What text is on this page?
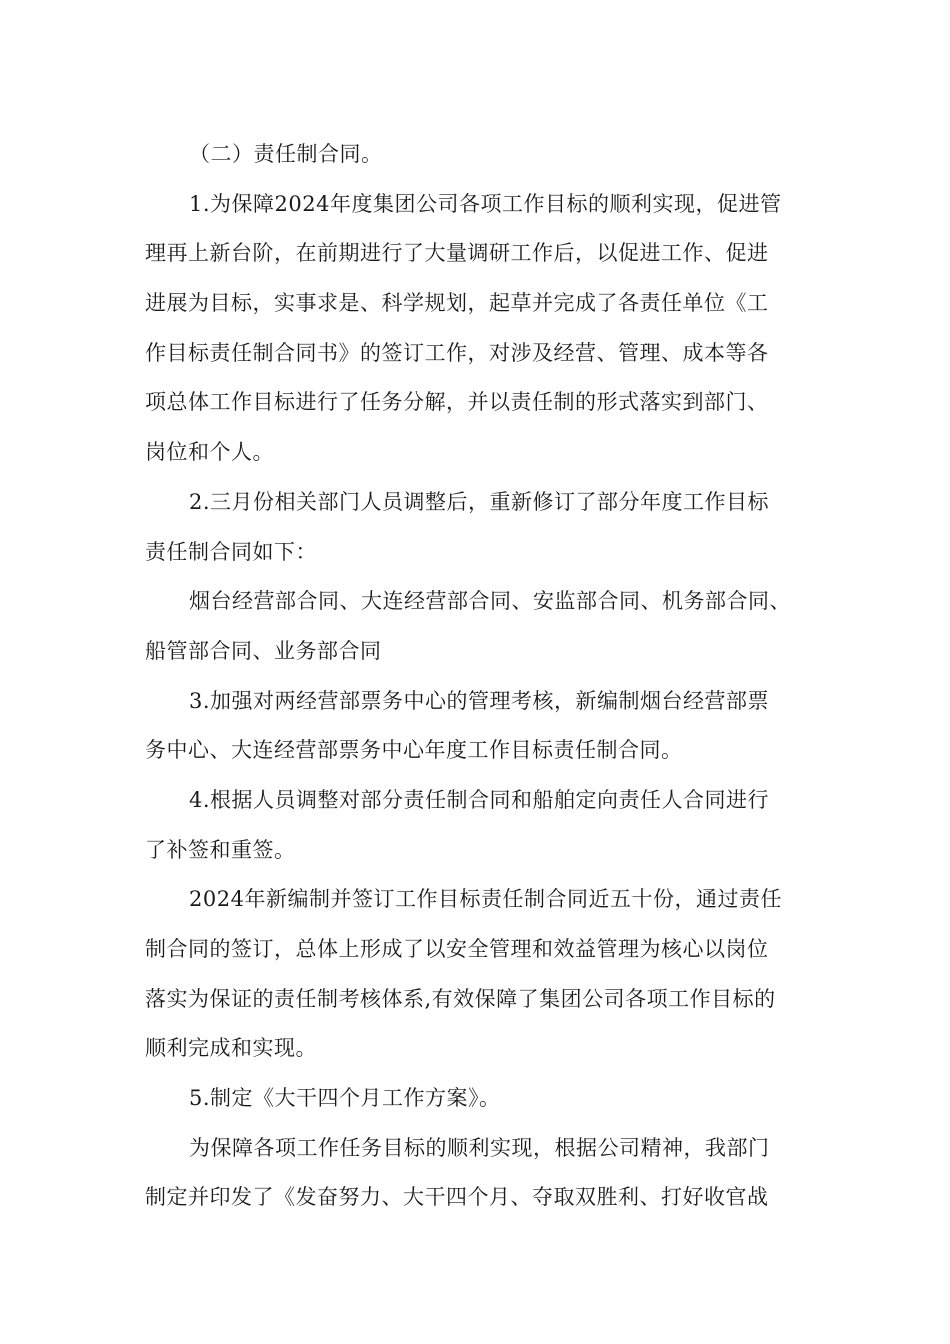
（二）责任制合同。
1.为保障2024年度集团公司各项工作目标的顺利实现，促进管
理再上新台阶，在前期进行了大量调研工作后，以促进工作、促进
进展为目标，实事求是、科学规划，起草并完成了各责任单位《工
作目标责任制合同书》的签订工作，对涉及经营、管理、成本等各
项总体工作目标进行了任务分解，并以责任制的形式落实到部门、
岗位和个人。
2.三月份相关部门人员调整后，重新修订了部分年度工作目标
责任制合同如下：
烟台经营部合同、大连经营部合同、安监部合同、机务部合同、
船管部合同、业务部合同
3.加强对两经营部票务中心的管理考核，新编制烟台经营部票
务中心、大连经营部票务中心年度工作目标责任制合同。
4.根据人员调整对部分责任制合同和船舶定向责任人合同进行
了补签和重签。
2024年新编制并签订工作目标责任制合同近五十份，通过责任
制合同的签订，总体上形成了以安全管理和效益管理为核心以岗位
落实为保证的责任制考核体系,有效保障了集团公司各项工作目标的
顺利完成和实现。
5.制定《大干四个月工作方案》。
为保障各项工作任务目标的顺利实现，根据公司精神，我部门
制定并印发了《发奋努力、大干四个月、夺取双胜利、打好收官战
